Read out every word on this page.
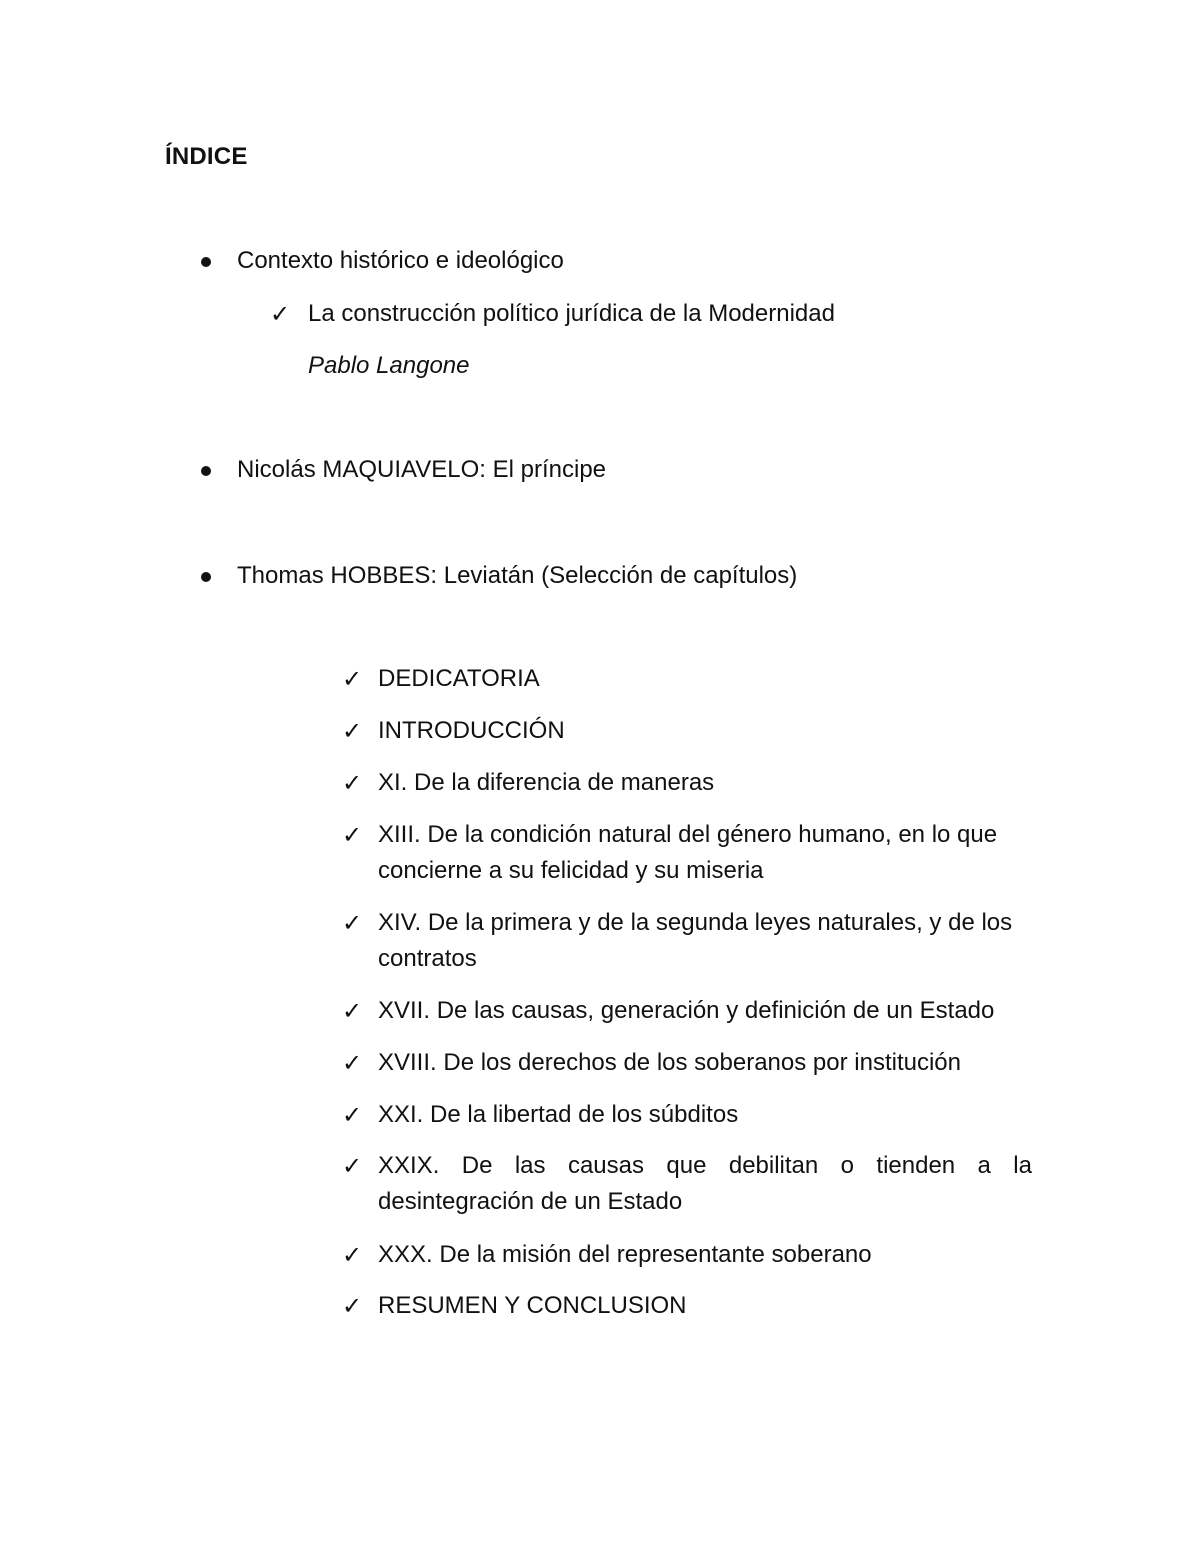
ÍNDICE
Contexto histórico e ideológico
✓ La construcción político jurídica de la Modernidad
Pablo Langone
Nicolás MAQUIAVELO: El príncipe
Thomas HOBBES: Leviatán (Selección de capítulos)
✓ DEDICATORIA
✓ INTRODUCCIÓN
✓ XI. De la diferencia de maneras
✓ XIII. De la condición natural del género humano, en lo que concierne a su felicidad y su miseria
✓ XIV. De la primera y de la segunda leyes naturales, y de los contratos
✓ XVII. De las causas, generación y definición de un Estado
✓ XVIII. De los derechos de los soberanos por institución
✓ XXI. De la libertad de los súbditos
✓ XXIX. De las causas que debilitan o tienden a la desintegración de un Estado
✓ XXX. De la misión del representante soberano
✓ RESUMEN Y CONCLUSION
